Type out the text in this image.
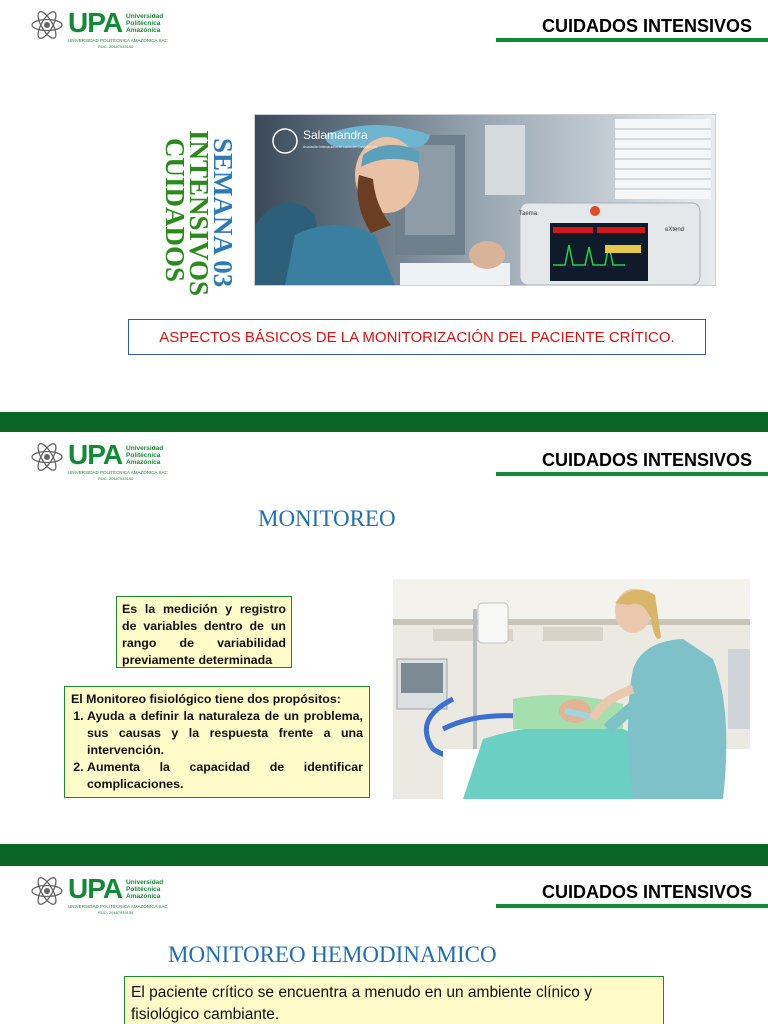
UPA Universidad
Politécnica
Amazónica
UNIVERSIDAD POLITÉCNICA AMAZÓNICA SAC
RUC: 20487949155
CUIDADOS INTENSIVOS
CUIDADOS
INTENSIVOS
SEMANA 03	Taema
eXtend
Salamandra
Asociación Internacional de Lucha del Conocimiento
ASPECTOS BÁSICOS DE LA MONITORIZACIÓN DEL PACIENTE CRÍTICO.
UPA Universidad
Politécnica
Amazónica
UNIVERSIDAD POLITÉCNICA AMAZÓNICA SAC
RUC: 20487949155
CUIDADOS INTENSIVOS
MONITOREO
Es la medición y registro de variables dentro de un rango de variabilidad previamente determinada
El Monitoreo fisiológico tiene dos propósitos:
1. Ayuda a definir la naturaleza de un problema, sus causas y la respuesta frente a una intervención.
2. Aumenta la capacidad de identificar complicaciones.
UPA Universidad
Politécnica
Amazónica
UNIVERSIDAD POLITÉCNICA AMAZÓNICA SAC
RUC: 20487949155
CUIDADOS INTENSIVOS
MONITOREO HEMODINAMICO
El paciente crítico se encuentra a menudo en un ambiente clínico y fisiológico cambiante.
